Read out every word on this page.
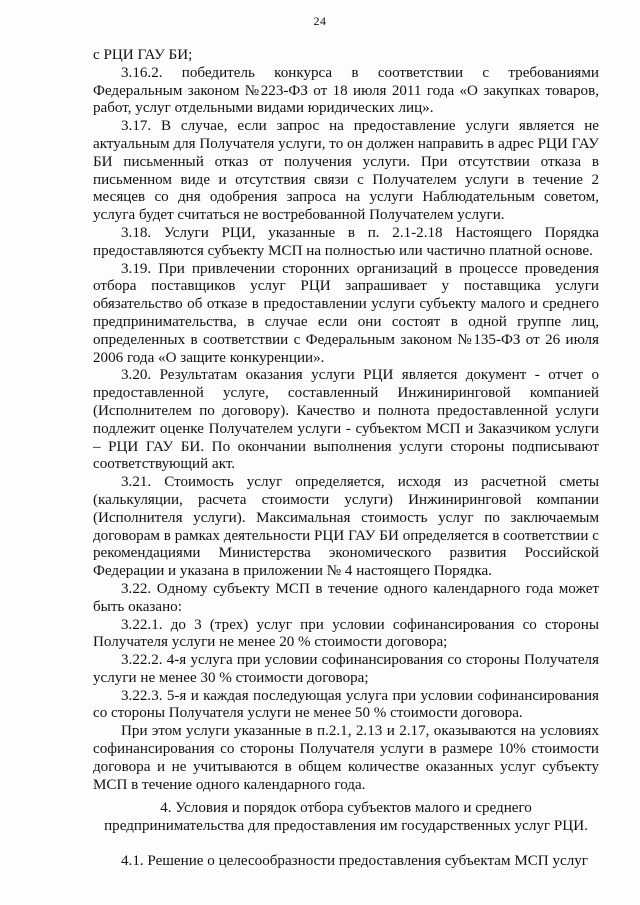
24

с РЦИ ГАУ БИ;

3.16.2. победитель конкурса в соответствии с требованиями Федеральным законом №223-ФЗ от 18 июля 2011 года «О закупках товаров, работ, услуг отдельными видами юридических лиц».

3.17. В случае, если запрос на предоставление услуги является не актуальным для Получателя услуги, то он должен направить в адрес РЦИ ГАУ БИ письменный отказ от получения услуги. При отсутствии отказа в письменном виде и отсутствия связи с Получателем услуги в течение 2 месяцев со дня одобрения запроса на услуги Наблюдательным советом, услуга будет считаться не востребованной Получателем услуги.

3.18. Услуги РЦИ, указанные в п. 2.1-2.18 Настоящего Порядка предоставляются субъекту МСП на полностью или частично платной основе.

3.19. При привлечении сторонних организаций в процессе проведения отбора поставщиков услуг РЦИ запрашивает у поставщика услуги обязательство об отказе в предоставлении услуги субъекту малого и среднего предпринимательства, в случае если они состоят в одной группе лиц, определенных в соответствии с Федеральным законом №135-ФЗ от 26 июля 2006 года «О защите конкуренции».

3.20. Результатам оказания услуги РЦИ является документ - отчет о предоставленной услуге, составленный Инжиниринговой компанией (Исполнителем по договору). Качество и полнота предоставленной услуги подлежит оценке Получателем услуги - субъектом МСП и Заказчиком услуги – РЦИ ГАУ БИ. По окончании выполнения услуги стороны подписывают соответствующий акт.

3.21. Стоимость услуг определяется, исходя из расчетной сметы (калькуляции, расчета стоимости услуги) Инжиниринговой компании (Исполнителя услуги). Максимальная стоимость услуг по заключаемым договорам в рамках деятельности РЦИ ГАУ БИ определяется в соответствии с рекомендациями Министерства экономического развития Российской Федерации и указана в приложении № 4 настоящего Порядка.

3.22. Одному субъекту МСП в течение одного календарного года может быть оказано:

3.22.1. до 3 (трех) услуг при условии софинансирования со стороны Получателя услуги не менее 20 % стоимости договора;

3.22.2. 4-я услуга при условии софинансирования со стороны Получателя услуги не менее 30 % стоимости договора;

3.22.3. 5-я и каждая последующая услуга при условии софинансирования со стороны Получателя услуги не менее 50 % стоимости договора.

При этом услуги указанные в п.2.1, 2.13 и 2.17, оказываются на условиях софинансирования со стороны Получателя услуги в размере 10% стоимости договора и не учитываются в общем количестве оказанных услуг субъекту МСП в течение одного календарного года.

4. Условия и порядок отбора субъектов малого и среднего
предпринимательства для предоставления им государственных услуг РЦИ.
4.1. Решение о целесообразности предоставления субъектам МСП услуг
